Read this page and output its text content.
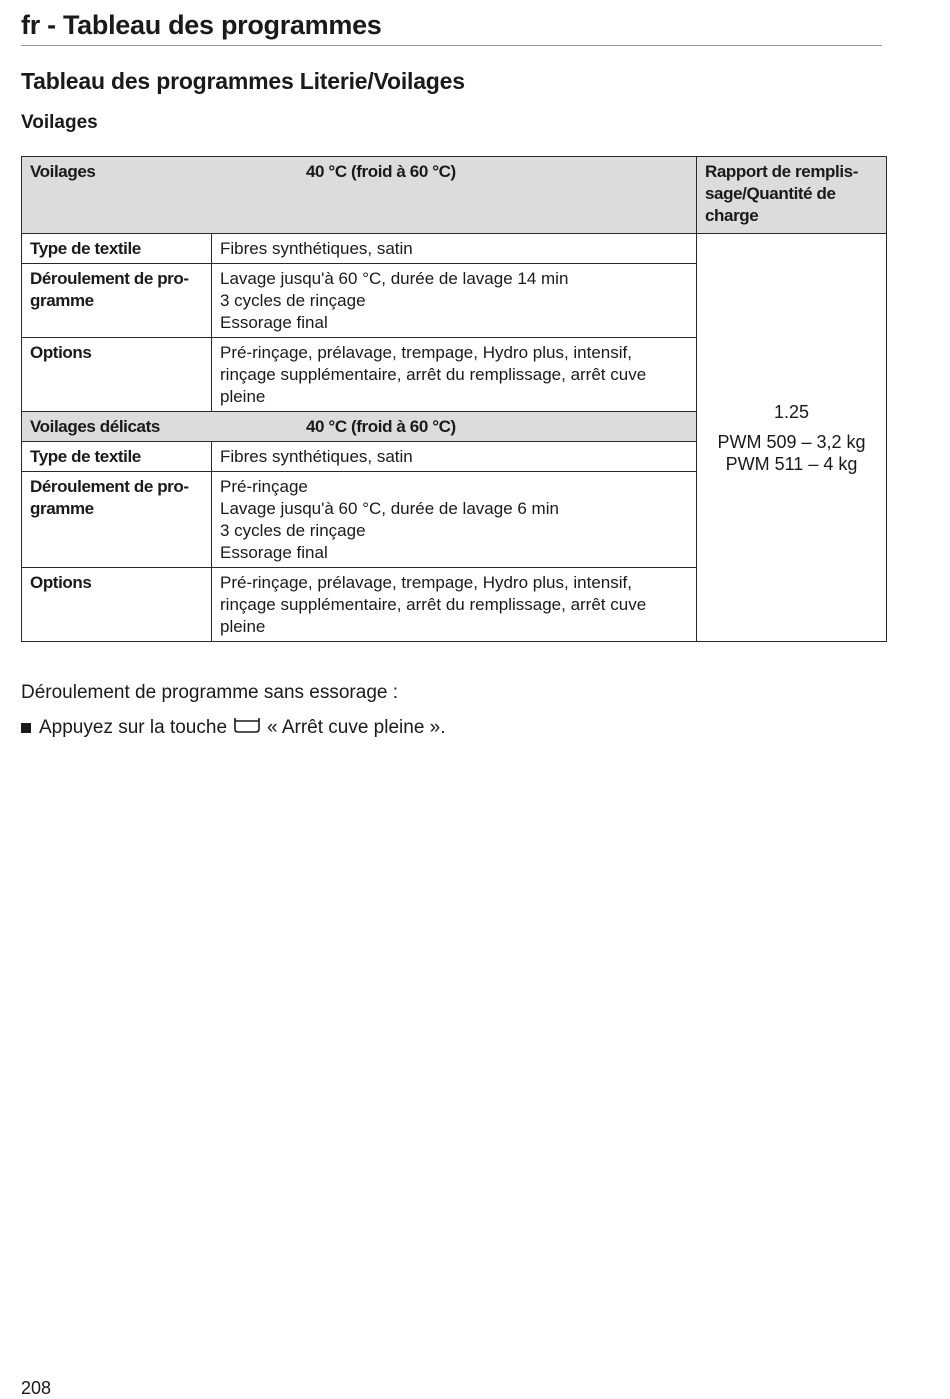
fr - Tableau des programmes
Tableau des programmes Literie/Voilages
Voilages
Voilages 40 °C (froid à 60 °C)		Rapport de remplis-sage/Quantité de charge
Type de textile	Fibres synthétiques, satin	1.25
PWM 509 – 3,2 kg
PWM 511 – 4 kg

Déroulement de pro-gramme	Lavage jusqu'à 60 °C, durée de lavage 14 min
3 cycles de rinçage
Essorage final	

Options	Pré-rinçage, prélavage, trempage, Hydro plus, intensif, rinçage supplémentaire, arrêt du remplissage, arrêt cuve pleine	

Voilages délicats 40 °C (froid à 60 °C)		

Type de textile	Fibres synthétiques, satin	

Déroulement de pro-gramme	Pré-rinçage
Lavage jusqu'à 60 °C, durée de lavage 6 min
3 cycles de rinçage
Essorage final	

Options	Pré-rinçage, prélavage, trempage, Hydro plus, intensif, rinçage supplémentaire, arrêt du remplissage, arrêt cuve pleine	

Déroulement de programme sans essorage :

Appuyez sur la touche « Arrêt cuve pleine ».

208
